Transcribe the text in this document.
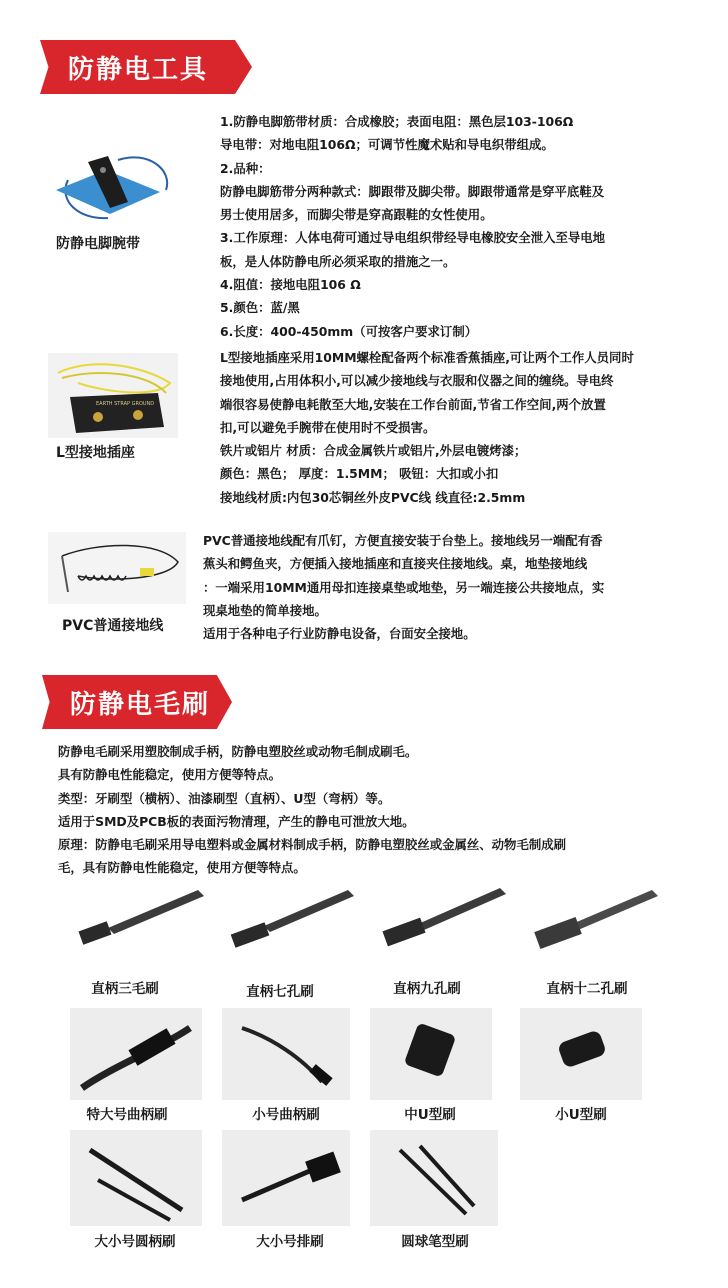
防静电工具
防静电脚腕带
1.防静电脚筋带材质：合成橡胶；表面电阻：黑色层103-106Ω
导电带：对地电阻106Ω；可调节性魔术贴和导电织带组成。
2.品种：
防静电脚筋带分两种款式：脚跟带及脚尖带。脚跟带通常是穿平底鞋及
男士使用居多，而脚尖带是穿高跟鞋的女性使用。
3.工作原理：人体电荷可通过导电组织带经导电橡胶安全泄入至导电地
板，是人体防静电所必须采取的措施之一。
4.阻值：接地电阻106 Ω
5.颜色：蓝/黑
6.长度：400-450mm（可按客户要求订制）
EARTH STRAP GROUND
L型接地插座
L型接地插座采用10MM螺栓配备两个标准香蕉插座,可让两个工作人员同时
接地使用,占用体积小,可以减少接地线与衣服和仪器之间的缠绕。导电终
端很容易使静电耗散至大地,安装在工作台前面,节省工作空间,两个放置
扣,可以避免手腕带在使用时不受损害。
铁片或铝片 材质：合成金属铁片或铝片,外层电镀烤漆；
颜色：黑色； 厚度：1.5MM； 吸钮：大扣或小扣
接地线材质:内包30芯铜丝外皮PVC线 线直径:2.5mm
PVC普通接地线
PVC普通接地线配有爪钉，方便直接安装于台垫上。接地线另一端配有香
蕉头和鳄鱼夹，方便插入接地插座和直接夹住接地线。桌，地垫接地线
：一端采用10MM通用母扣连接桌垫或地垫，另一端连接公共接地点，实
现桌地垫的简单接地。
适用于各种电子行业防静电设备，台面安全接地。
防静电毛刷
防静电毛刷采用塑胶制成手柄，防静电塑胶丝或动物毛制成刷毛。
具有防静电性能稳定，使用方便等特点。
类型：牙刷型（横柄）、油漆刷型（直柄）、U型（弯柄）等。
适用于SMD及PCB板的表面污物清理，产生的静电可泄放大地。
原理：防静电毛刷采用导电塑料或金属材料制成手柄，防静电塑胶丝或金属丝、动物毛制成刷
毛，具有防静电性能稳定，使用方便等特点。
直柄三毛刷	直柄七孔刷	直柄九孔刷	直柄十二孔刷
特大号曲柄刷	小号曲柄刷	中U型刷	小U型刷
大小号圆柄刷	大小号排刷	圆球笔型刷
